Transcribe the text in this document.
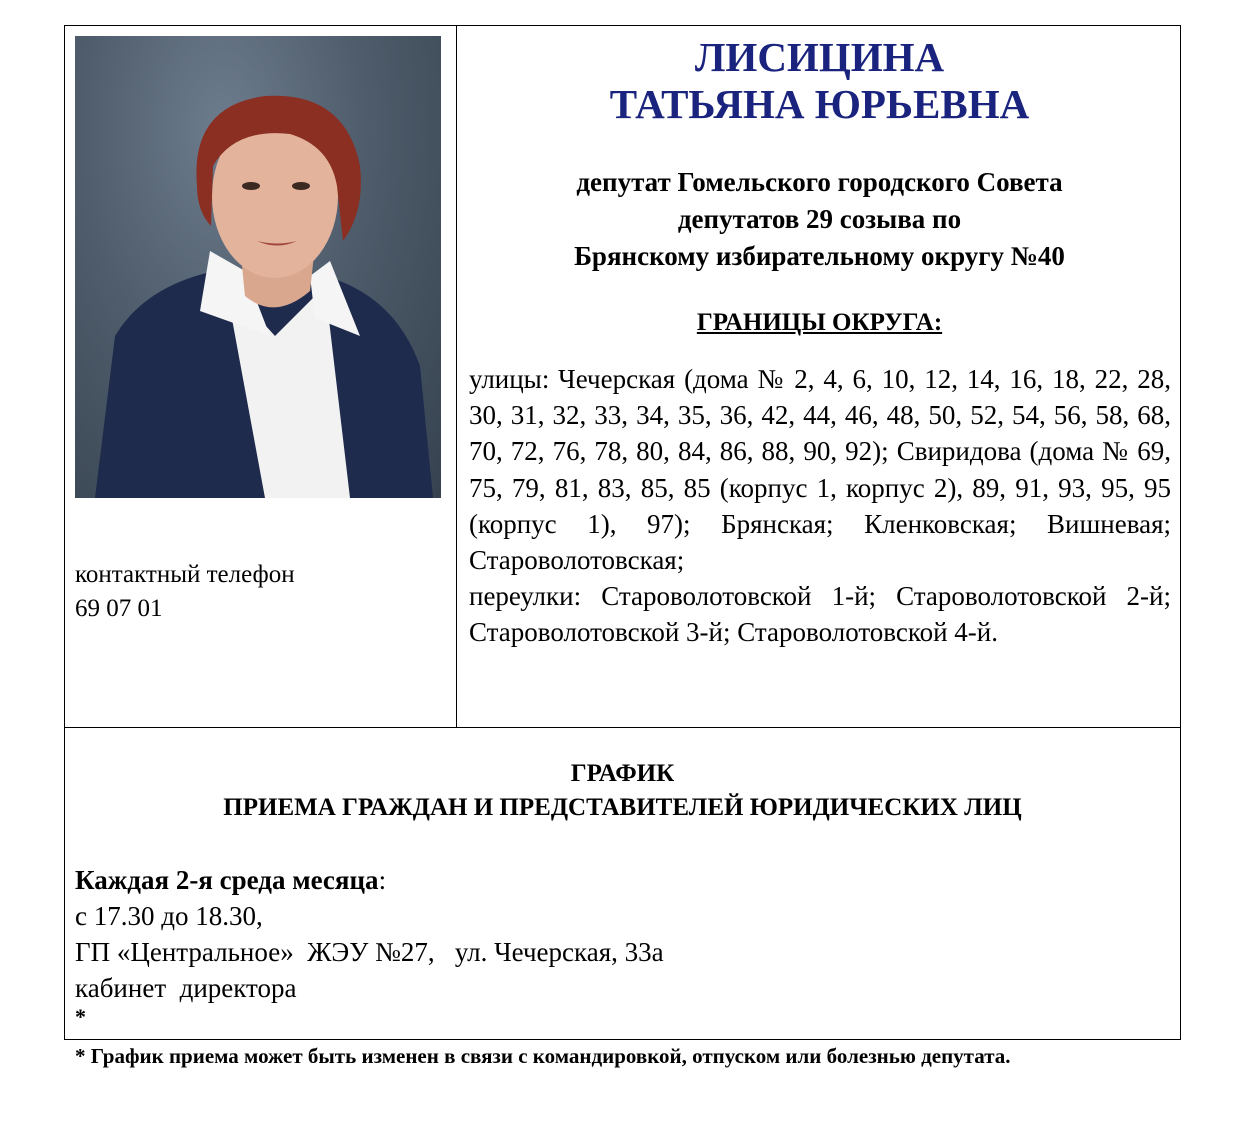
контактный телефон
69 07 01
ЛИСИЦИНА
ТАТЬЯНА ЮРЬЕВНА
депутат Гомельского городского Совета
депутатов 29 созыва по
Брянскому избирательному округу №40
ГРАНИЦЫ ОКРУГА:

улицы: Чечерская (дома № 2, 4, 6, 10, 12, 14, 16, 18, 22, 28, 30, 31, 32, 33, 34, 35, 36, 42, 44, 46, 48, 50, 52, 54, 56, 58, 68, 70, 72, 76, 78, 80, 84, 86, 88, 90, 92); Свиридова (дома № 69, 75, 79, 81, 83, 85, 85 (корпус 1, корпус 2), 89, 91, 93, 95, 95 (корпус 1), 97); Брянская; Кленковская; Вишневая; Староволотовская;

переулки: Староволотовской 1-й; Староволотовской 2-й; Староволотовской 3-й; Староволотовской 4-й.

ГРАФИК
ПРИЕМА ГРАЖДАН И ПРЕДСТАВИТЕЛЕЙ ЮРИДИЧЕСКИХ ЛИЦ
Каждая 2-я среда месяца:
с 17.30 до 18.30,
ГП «Центральное»  ЖЭУ №27,   ул. Чечерская, 33а
кабинет  директора
*
* График приема может быть изменен в связи с командировкой, отпуском или болезнью депутата.
